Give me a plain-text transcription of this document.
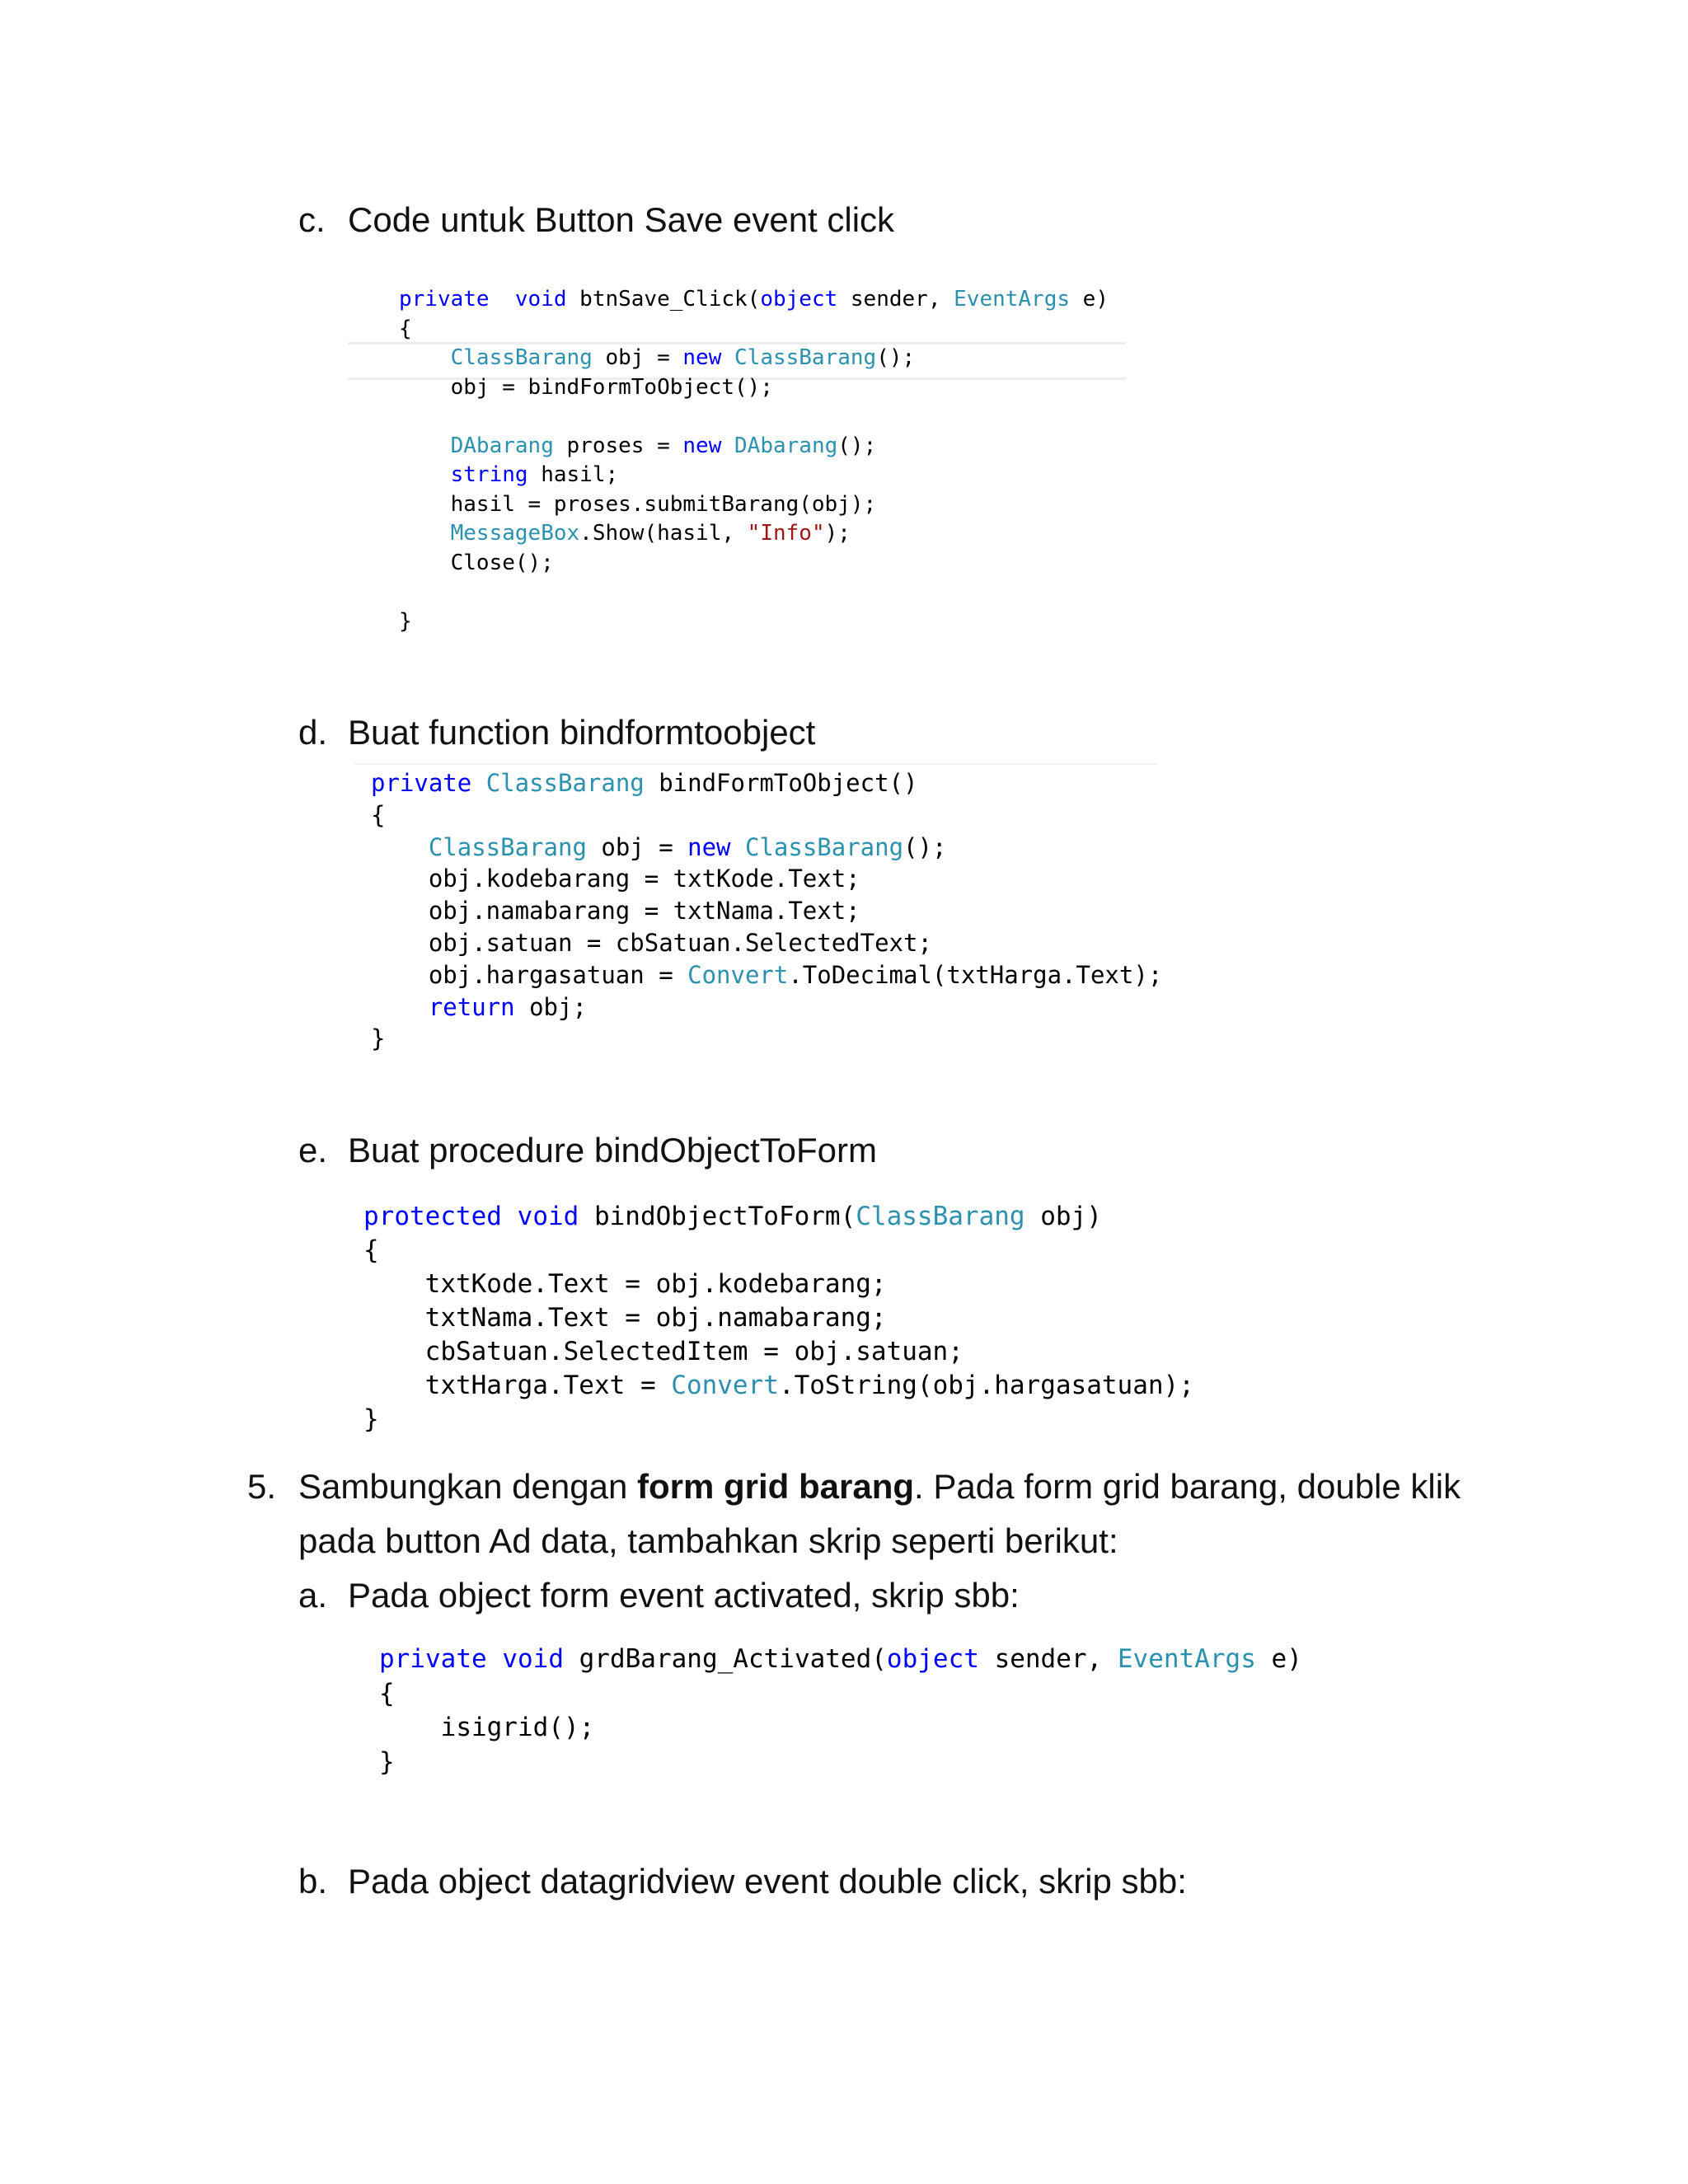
c. Code untuk Button Save event click
private void btnSave_Click(object sender, EventArgs e)
{
ClassBarang obj = new ClassBarang();
obj = bindFormToObject();

DAbarang proses = new DAbarang();
string hasil;
hasil = proses.submitBarang(obj);
MessageBox.Show(hasil, "Info");
Close();

}
d. Buat function bindformtoobject
private ClassBarang bindFormToObject()
{
ClassBarang obj = new ClassBarang();
obj.kodebarang = txtKode.Text;
obj.namabarang = txtNama.Text;
obj.satuan = cbSatuan.SelectedText;
obj.hargasatuan = Convert.ToDecimal(txtHarga.Text);
return obj;
}
e. Buat procedure bindObjectToForm
protected void bindObjectToForm(ClassBarang obj)
{
txtKode.Text = obj.kodebarang;
txtNama.Text = obj.namabarang;
cbSatuan.SelectedItem = obj.satuan;
txtHarga.Text = Convert.ToString(obj.hargasatuan);
}

5. Sambungkan dengan form grid barang. Pada form grid barang, double klik

pada button Ad data, tambahkan skrip seperti berikut:

a. Pada object form event activated, skrip sbb:
private void grdBarang_Activated(object sender, EventArgs e)
{
isigrid();
}
b. Pada object datagridview event double click, skrip sbb:
